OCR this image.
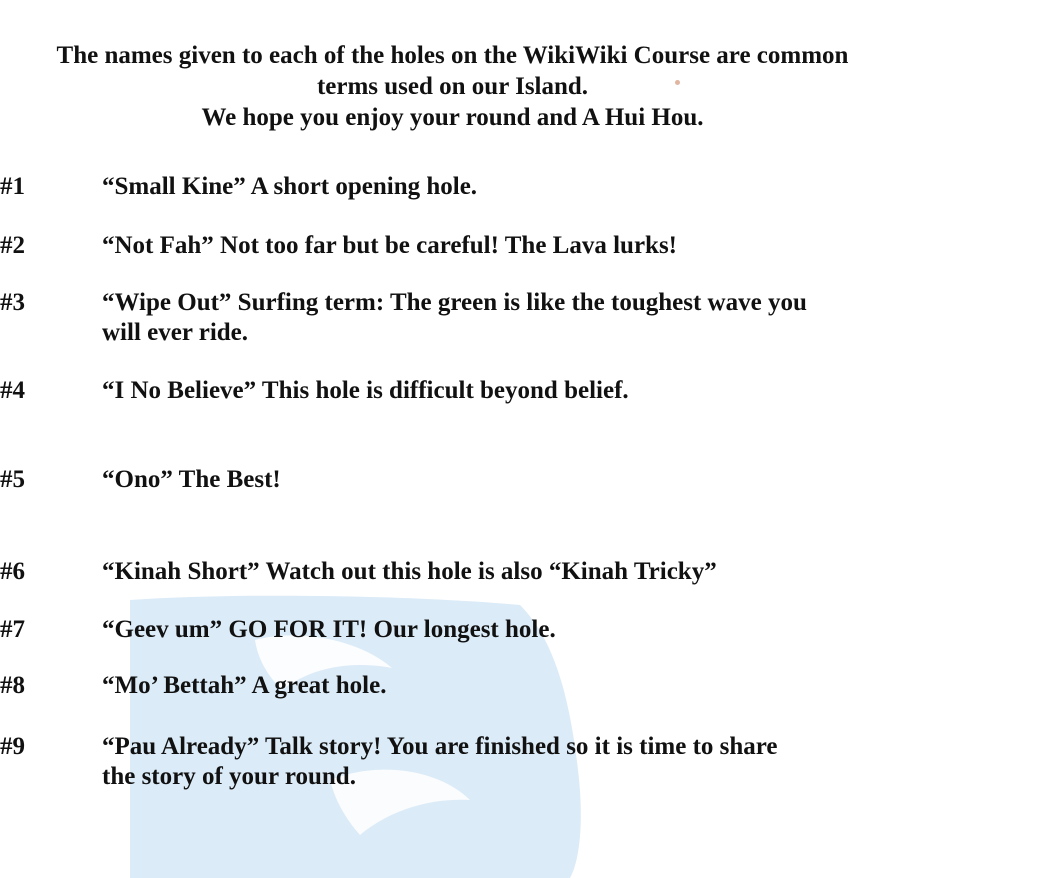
The names given to each of the holes on the WikiWiki Course are common
terms used on our Island.
We hope you enjoy your round and A Hui Hou.
#1	“Small Kine” A short opening hole.
#2	“Not Fah” Not too far but be careful! The Lava lurks!
#3	“Wipe Out” Surfing term: The green is like the toughest wave you
will ever ride.
#4	“I No Believe” This hole is difficult beyond belief.
#5	“Ono” The Best!
#6	“Kinah Short” Watch out this hole is also “Kinah Tricky”
#7	“Geev um” GO FOR IT! Our longest hole.
#8	“Mo’ Bettah” A great hole.
#9	“Pau Already” Talk story! You are finished so it is time to share
the story of your round.
